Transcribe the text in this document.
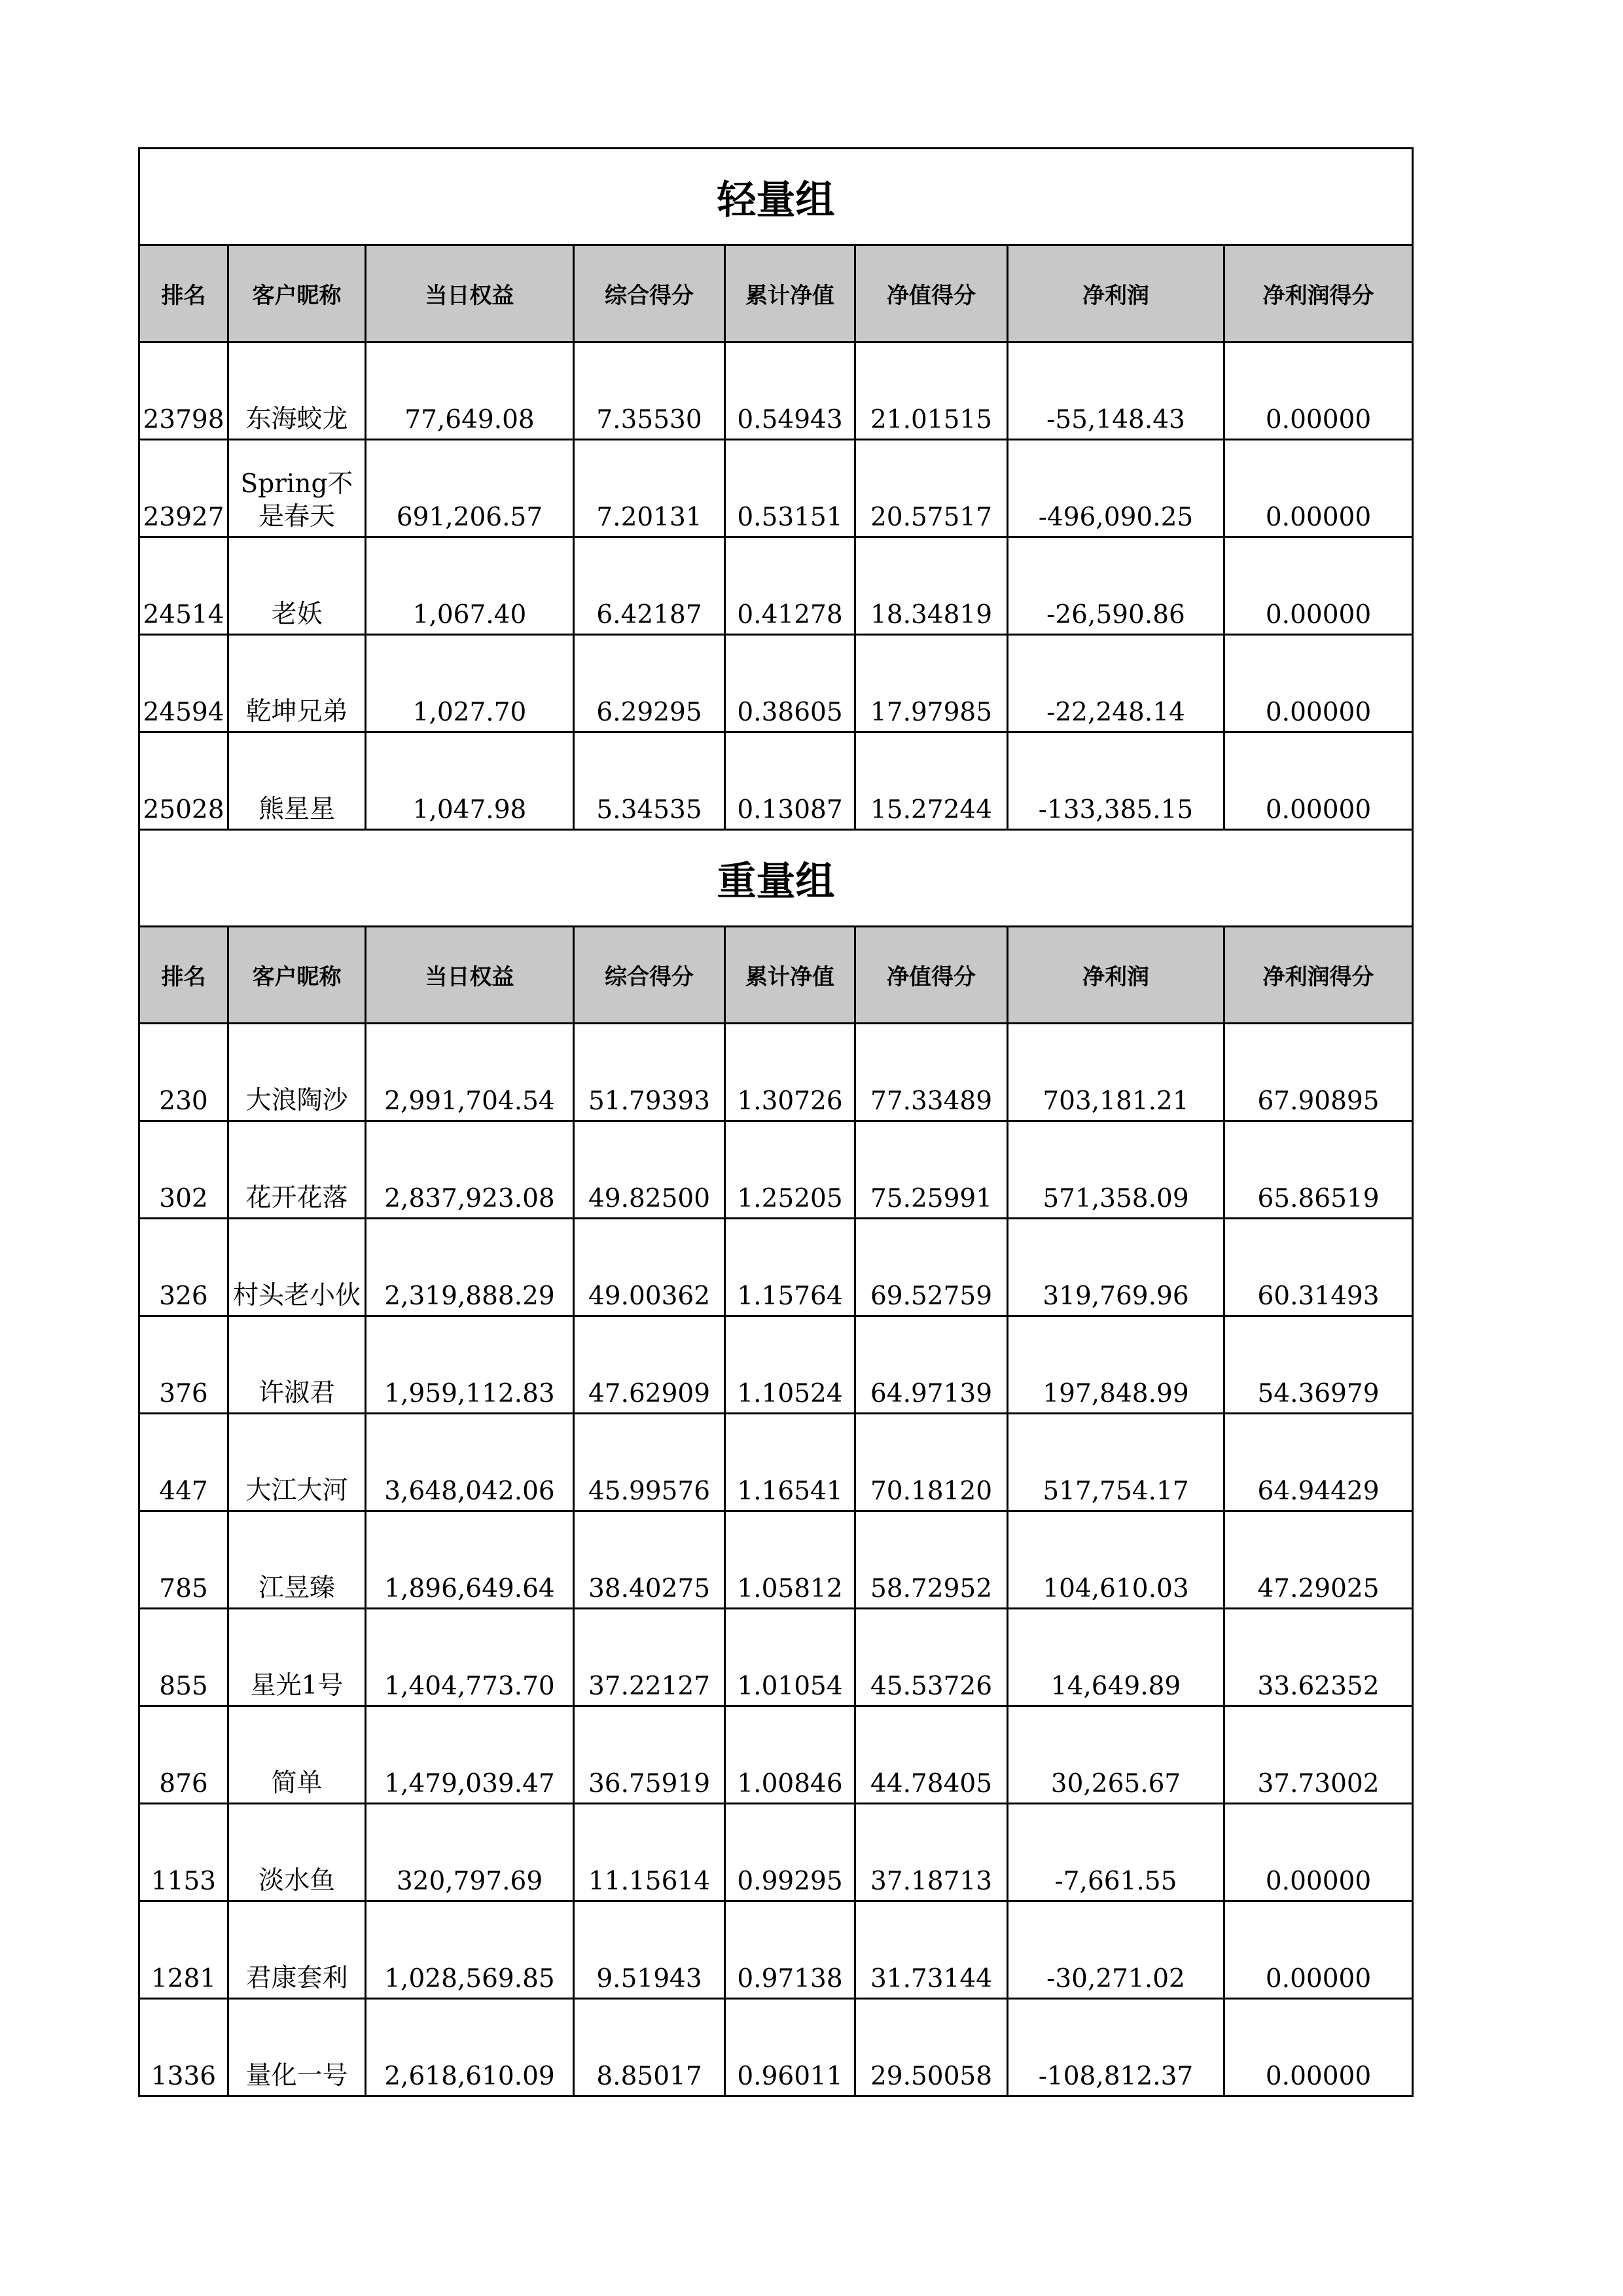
轻量组							
排名	客户昵称	当日权益	综合得分	累计净值	净值得分	净利润	净利润得分
23798	东海蛟龙	77,649.08	7.35530	0.54943	21.01515	-55,148.43	0.00000
23927	Spring不是春天	691,206.57	7.20131	0.53151	20.57517	-496,090.25	0.00000
24514	老妖	1,067.40	6.42187	0.41278	18.34819	-26,590.86	0.00000
24594	乾坤兄弟	1,027.70	6.29295	0.38605	17.97985	-22,248.14	0.00000
25028	熊星星	1,047.98	5.34535	0.13087	15.27244	-133,385.15	0.00000
重量组							
排名	客户昵称	当日权益	综合得分	累计净值	净值得分	净利润	净利润得分
230	大浪陶沙	2,991,704.54	51.79393	1.30726	77.33489	703,181.21	67.90895
302	花开花落	2,837,923.08	49.82500	1.25205	75.25991	571,358.09	65.86519
326	村头老小伙	2,319,888.29	49.00362	1.15764	69.52759	319,769.96	60.31493
376	许淑君	1,959,112.83	47.62909	1.10524	64.97139	197,848.99	54.36979
447	大江大河	3,648,042.06	45.99576	1.16541	70.18120	517,754.17	64.94429
785	江昱臻	1,896,649.64	38.40275	1.05812	58.72952	104,610.03	47.29025
855	星光1号	1,404,773.70	37.22127	1.01054	45.53726	14,649.89	33.62352
876	简单	1,479,039.47	36.75919	1.00846	44.78405	30,265.67	37.73002
1153	淡水鱼	320,797.69	11.15614	0.99295	37.18713	-7,661.55	0.00000
1281	君康套利	1,028,569.85	9.51943	0.97138	31.73144	-30,271.02	0.00000
1336	量化一号	2,618,610.09	8.85017	0.96011	29.50058	-108,812.37	0.00000
